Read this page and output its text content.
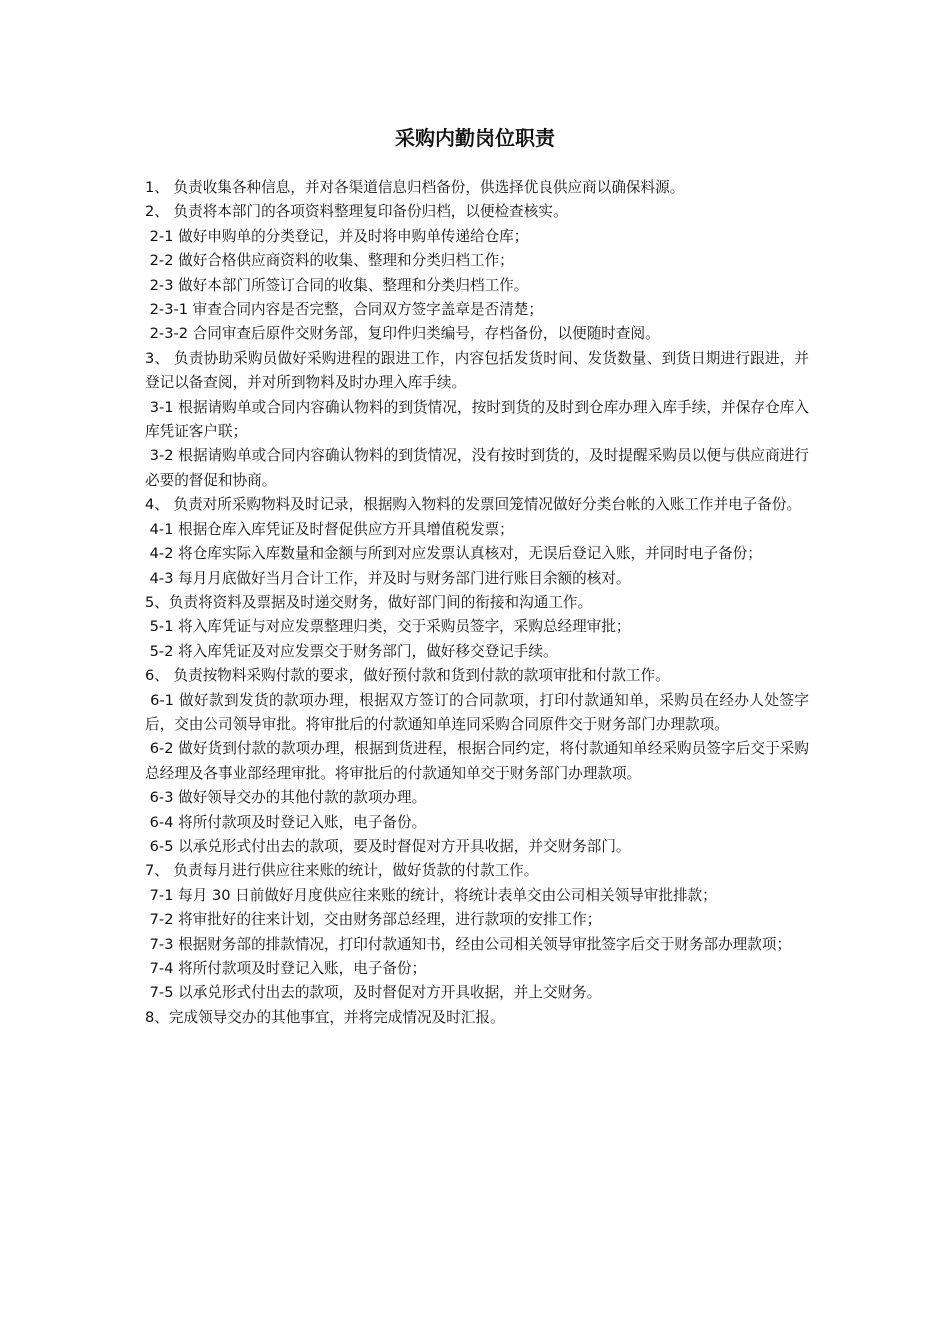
采购内勤岗位职责

1、 负责收集各种信息，并对各渠道信息归档备份，供选择优良供应商以确保料源。

2、 负责将本部门的各项资料整理复印备份归档，以便检查核实。

2-1 做好申购单的分类登记，并及时将申购单传递给仓库；

2-2 做好合格供应商资料的收集、整理和分类归档工作；

2-3 做好本部门所签订合同的收集、整理和分类归档工作。

2-3-1 审查合同内容是否完整，合同双方签字盖章是否清楚；

2-3-2 合同审查后原件交财务部，复印件归类编号，存档备份，以便随时查阅。

3、 负责协助采购员做好采购进程的跟进工作，内容包括发货时间、发货数量、到货日期进行跟进，并登记以备查阅，并对所到物料及时办理入库手续。

3-1 根据请购单或合同内容确认物料的到货情况，按时到货的及时到仓库办理入库手续，并保存仓库入库凭证客户联；

3-2 根据请购单或合同内容确认物料的到货情况，没有按时到货的，及时提醒采购员以便与供应商进行必要的督促和协商。

4、 负责对所采购物料及时记录，根据购入物料的发票回笼情况做好分类台帐的入账工作并电子备份。

4-1 根据仓库入库凭证及时督促供应方开具增值税发票；

4-2 将仓库实际入库数量和金额与所到对应发票认真核对，无误后登记入账，并同时电子备份；

4-3 每月月底做好当月合计工作，并及时与财务部门进行账目余额的核对。

5、负责将资料及票据及时递交财务，做好部门间的衔接和沟通工作。

5-1 将入库凭证与对应发票整理归类，交于采购员签字，采购总经理审批；

5-2 将入库凭证及对应发票交于财务部门，做好移交登记手续。

6、 负责按物料采购付款的要求，做好预付款和货到付款的款项审批和付款工作。

6-1 做好款到发货的款项办理，根据双方签订的合同款项，打印付款通知单，采购员在经办人处签字后，交由公司领导审批。将审批后的付款通知单连同采购合同原件交于财务部门办理款项。

6-2 做好货到付款的款项办理，根据到货进程，根据合同约定，将付款通知单经采购员签字后交于采购总经理及各事业部经理审批。将审批后的付款通知单交于财务部门办理款项。

6-3 做好领导交办的其他付款的款项办理。

6-4 将所付款项及时登记入账，电子备份。

6-5 以承兑形式付出去的款项，要及时督促对方开具收据，并交财务部门。

7、 负责每月进行供应往来账的统计，做好货款的付款工作。

7-1 每月 30 日前做好月度供应往来账的统计，将统计表单交由公司相关领导审批排款；

7-2 将审批好的往来计划，交由财务部总经理，进行款项的安排工作；

7-3 根据财务部的排款情况，打印付款通知书，经由公司相关领导审批签字后交于财务部办理款项；

7-4 将所付款项及时登记入账，电子备份；

7-5 以承兑形式付出去的款项，及时督促对方开具收据，并上交财务。

8、完成领导交办的其他事宜，并将完成情况及时汇报。
